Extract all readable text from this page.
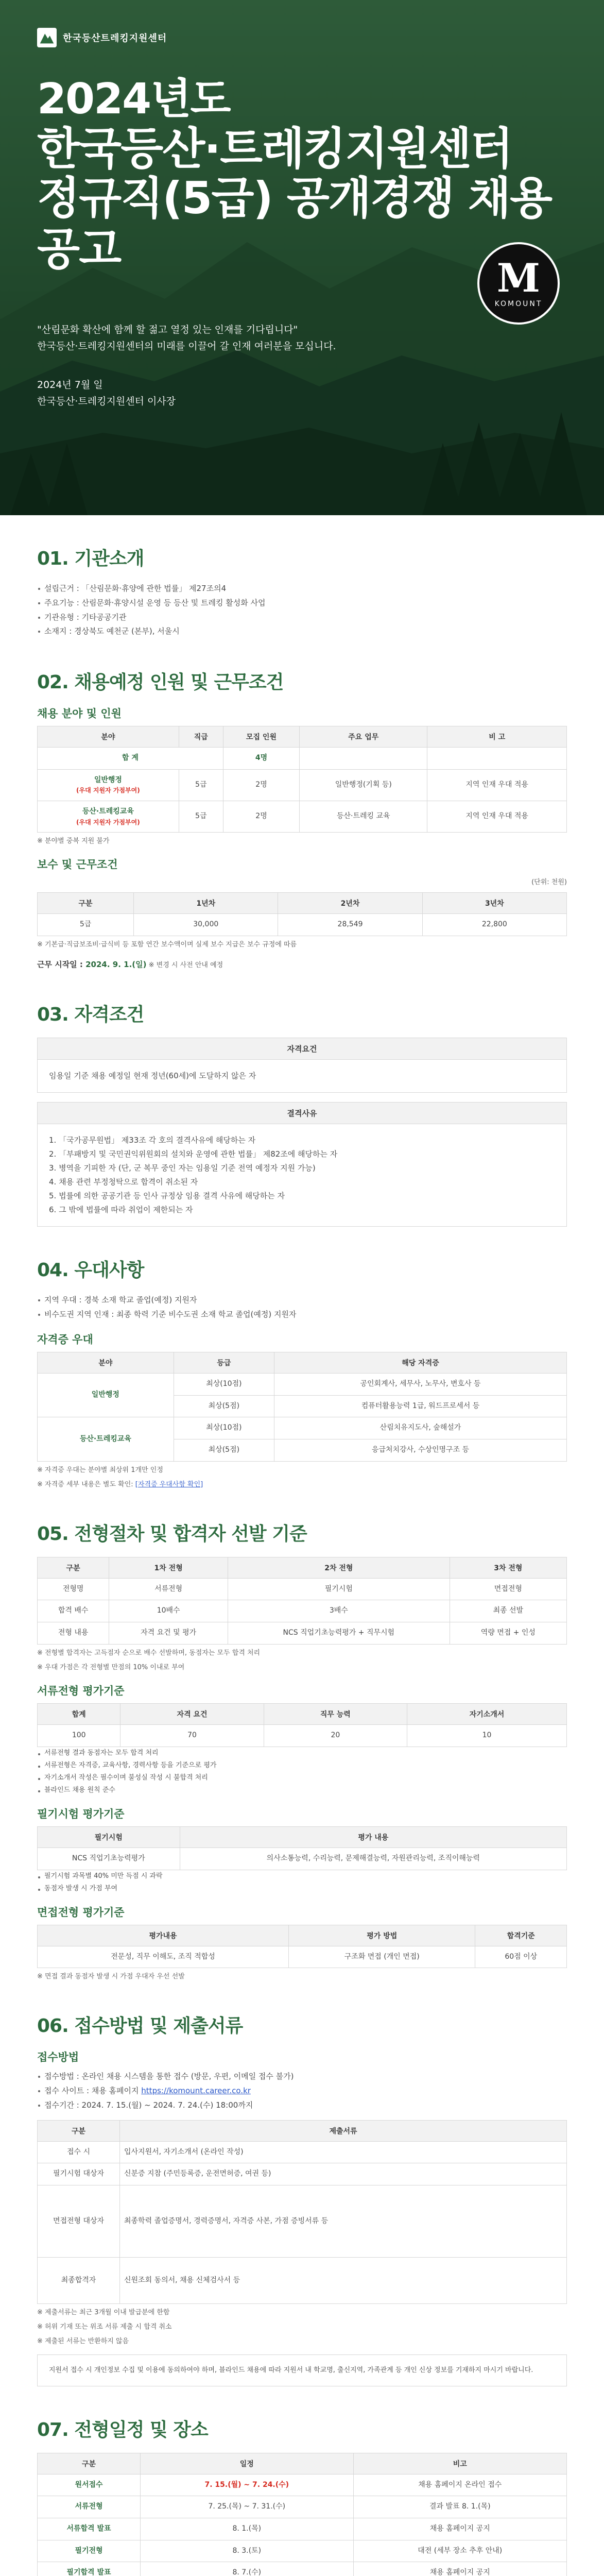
한국등산트레킹지원센터
2024년도
한국등산·트레킹지원센터
정규직(5급) 공개경쟁 채용 공고
M
KOMOUNT
"산림문화 확산에 함께 할 젊고 열정 있는 인재를 기다립니다"
한국등산·트레킹지원센터의 미래를 이끌어 갈 인재 여러분을 모십니다.
2024년 7월 일
한국등산·트레킹지원센터 이사장
01. 기관소개
설립근거 : 「산림문화·휴양에 관한 법률」 제27조의4
주요기능 : 산림문화·휴양시설 운영 등 등산 및 트레킹 활성화 사업
기관유형 : 기타공공기관
소재지 : 경상북도 예천군 (본부), 서울시
02. 채용예정 인원 및 근무조건
채용 분야 및 인원
분야	직급	모집 인원	주요 업무	비 고
합 계		4명		

일반행정
(우대 지원자 가점부여)	5급	2명	일반행정(기획 등)	지역 인재 우대 적용

등산·트레킹교육
(우대 지원자 가점부여)	5급	2명	등산·트레킹 교육	지역 인재 우대 적용
※ 분야별 중복 지원 불가
보수 및 근무조건
(단위: 천원)
구분	1년차	2년차	3년차
5급	30,000	28,549	22,800
※ 기본급·직급보조비·급식비 등 포함 연간 보수액이며 실제 보수 지급은 보수 규정에 따름
근무 시작일 : 2024. 9. 1.(일) ※ 변경 시 사전 안내 예정
03. 자격조건
자격요건
임용일 기준 채용 예정일 현재 정년(60세)에 도달하지 않은 자
결격사유
1. 「국가공무원법」 제33조 각 호의 결격사유에 해당하는 자
2. 「부패방지 및 국민권익위원회의 설치와 운영에 관한 법률」 제82조에 해당하는 자
3. 병역을 기피한 자 (단, 군 복무 중인 자는 임용일 기준 전역 예정자 지원 가능)
4. 채용 관련 부정청탁으로 합격이 취소된 자
5. 법률에 의한 공공기관 등 인사 규정상 임용 결격 사유에 해당하는 자
6. 그 밖에 법률에 따라 취업이 제한되는 자
04. 우대사항
지역 우대 : 경북 소재 학교 졸업(예정) 지원자
비수도권 지역 인재 : 최종 학력 기준 비수도권 소재 학교 졸업(예정) 지원자
자격증 우대
분야	등급	해당 자격증
일반행정	최상(10점)	공인회계사, 세무사, 노무사, 변호사 등
	최상(5점)	컴퓨터활용능력 1급, 워드프로세서 등
등산·트레킹교육	최상(10점)	산림치유지도사, 숲해설가
	최상(5점)	응급처치강사, 수상인명구조 등
※ 자격증 우대는 분야별 최상위 1개만 인정
※ 자격증 세부 내용은 별도 확인: [자격증 우대사항 확인]
05. 전형절차 및 합격자 선발 기준
구분	1차 전형	2차 전형	3차 전형
전형명	서류전형	필기시험	면접전형
합격 배수	10배수	3배수	최종 선발
전형 내용	자격 요건 및 평가	NCS 직업기초능력평가 + 직무시험	역량 면접 + 인성
※ 전형별 합격자는 고득점자 순으로 배수 선발하며, 동점자는 모두 합격 처리
※ 우대 가점은 각 전형별 만점의 10% 이내로 부여
서류전형 평가기준
합계	자격 요건	직무 능력	자기소개서
100	70	20	10
서류전형 결과 동점자는 모두 합격 처리
서류전형은 자격증, 교육사항, 경력사항 등을 기준으로 평가
자기소개서 작성은 필수이며 불성실 작성 시 불합격 처리
블라인드 채용 원칙 준수
필기시험 평가기준
필기시험	평가 내용
NCS 직업기초능력평가	의사소통능력, 수리능력, 문제해결능력, 자원관리능력, 조직이해능력
필기시험 과목별 40% 미만 득점 시 과락
동점자 발생 시 가점 부여
면접전형 평가기준
평가내용	평가 방법	합격기준
전문성, 직무 이해도, 조직 적합성	구조화 면접 (개인 면접)	60점 이상
※ 면접 결과 동점자 발생 시 가점 우대자 우선 선발
06. 접수방법 및 제출서류
접수방법
접수방법 : 온라인 채용 시스템을 통한 접수 (방문, 우편, 이메일 접수 불가)
접수 사이트 : 채용 홈페이지 https://komount.career.co.kr
접수기간 : 2024. 7. 15.(월) ~ 2024. 7. 24.(수) 18:00까지
구분	제출서류
접수 시	입사지원서, 자기소개서 (온라인 작성)
필기시험 대상자	신분증 지참 (주민등록증, 운전면허증, 여권 등)
면접전형 대상자	최종학력 졸업증명서, 경력증명서, 자격증 사본, 가점 증빙서류 등
최종합격자	신원조회 동의서, 채용 신체검사서 등
※ 제출서류는 최근 3개월 이내 발급분에 한함
※ 허위 기재 또는 위조 서류 제출 시 합격 취소
※ 제출된 서류는 반환하지 않음
지원서 접수 시 개인정보 수집 및 이용에 동의하여야 하며, 블라인드 채용에 따라 지원서 내 학교명, 출신지역, 가족관계 등 개인 신상 정보를 기재하지 마시기 바랍니다.
07. 전형일정 및 장소
구분	일정	비고
원서접수	7. 15.(월) ~ 7. 24.(수)	채용 홈페이지 온라인 접수
서류전형	7. 25.(목) ~ 7. 31.(수)	결과 발표 8. 1.(목)
서류합격 발표	8. 1.(목)	채용 홈페이지 공지
필기전형	8. 3.(토)	대전 (세부 장소 추후 안내)
필기합격 발표	8. 7.(수)	채용 홈페이지 공지
